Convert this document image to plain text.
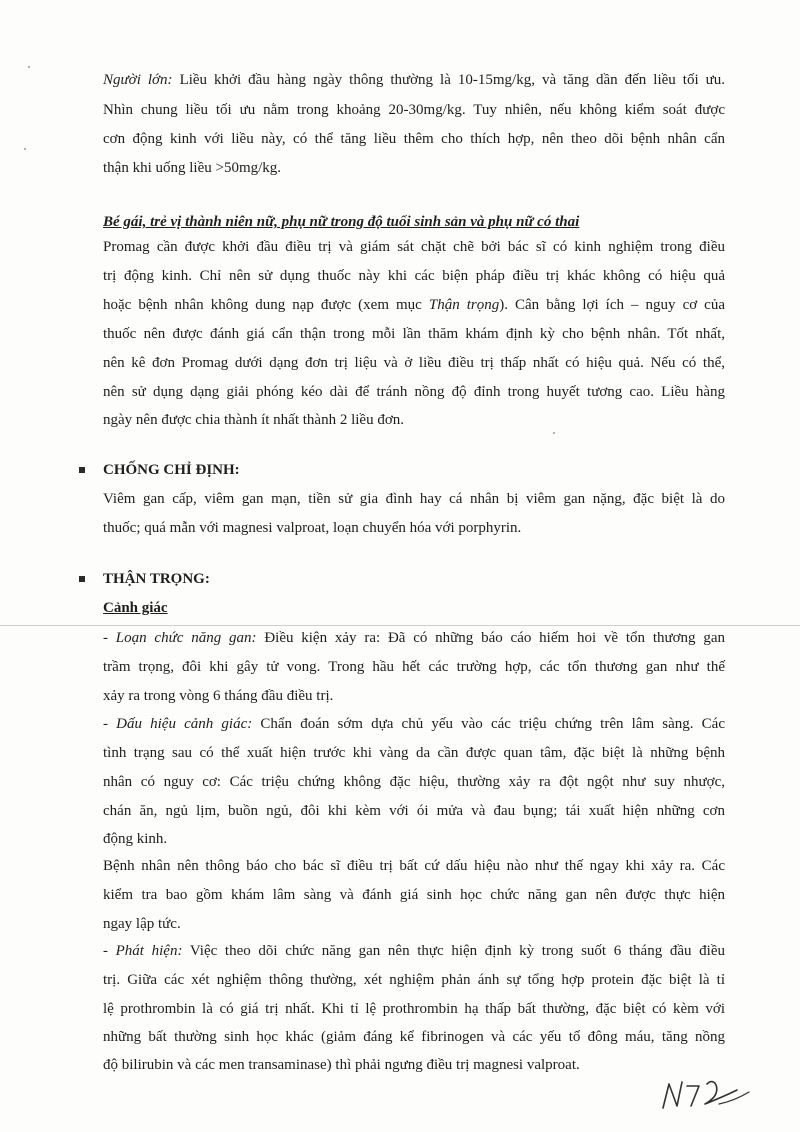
Người lớn: Liều khởi đầu hàng ngày thông thường là 10-15mg/kg, và tăng dần đến liều tối ưu.
Nhìn chung liều tối ưu nằm trong khoảng 20-30mg/kg. Tuy nhiên, nếu không kiểm soát được
cơn động kinh với liều này, có thể tăng liều thêm cho thích hợp, nên theo dõi bệnh nhân cẩn
thận khi uống liều >50mg/kg.
Bé gái, trẻ vị thành niên nữ, phụ nữ trong độ tuổi sinh sản và phụ nữ có thai
Promag cần được khởi đầu điều trị và giám sát chặt chẽ bởi bác sĩ có kinh nghiệm trong điều
trị động kinh. Chỉ nên sử dụng thuốc này khi các biện pháp điều trị khác không có hiệu quả
hoặc bệnh nhân không dung nạp được (xem mục Thận trọng). Cân bằng lợi ích – nguy cơ của
thuốc nên được đánh giá cẩn thận trong mỗi lần thăm khám định kỳ cho bệnh nhân. Tốt nhất,
nên kê đơn Promag dưới dạng đơn trị liệu và ở liều điều trị thấp nhất có hiệu quả. Nếu có thể,
nên sử dụng dạng giải phóng kéo dài để tránh nồng độ đỉnh trong huyết tương cao. Liều hàng
ngày nên được chia thành ít nhất thành 2 liều đơn.
CHỐNG CHỈ ĐỊNH:
Viêm gan cấp, viêm gan mạn, tiền sử gia đình hay cá nhân bị viêm gan nặng, đặc biệt là do
thuốc; quá mẫn với magnesi valproat, loạn chuyển hóa với porphyrin.
THẬN TRỌNG:
Cảnh giác
- Loạn chức năng gan: Điều kiện xảy ra: Đã có những báo cáo hiếm hoi về tổn thương gan
trầm trọng, đôi khi gây tử vong. Trong hầu hết các trường hợp, các tổn thương gan như thế
xảy ra trong vòng 6 tháng đầu điều trị.
- Dấu hiệu cảnh giác: Chẩn đoán sớm dựa chủ yếu vào các triệu chứng trên lâm sàng. Các
tình trạng sau có thể xuất hiện trước khi vàng da cần được quan tâm, đặc biệt là những bệnh
nhân có nguy cơ: Các triệu chứng không đặc hiệu, thường xảy ra đột ngột như suy nhược,
chán ăn, ngủ lịm, buồn ngủ, đôi khi kèm với ói mửa và đau bụng; tái xuất hiện những cơn
động kinh.
Bệnh nhân nên thông báo cho bác sĩ điều trị bất cứ dấu hiệu nào như thế ngay khi xảy ra. Các
kiểm tra bao gồm khám lâm sàng và đánh giá sinh học chức năng gan nên được thực hiện
ngay lập tức.
- Phát hiện: Việc theo dõi chức năng gan nên thực hiện định kỳ trong suốt 6 tháng đầu điều
trị. Giữa các xét nghiệm thông thường, xét nghiệm phản ánh sự tổng hợp protein đặc biệt là tỉ
lệ prothrombin là có giá trị nhất. Khi tỉ lệ prothrombin hạ thấp bất thường, đặc biệt có kèm với
những bất thường sinh học khác (giảm đáng kể fibrinogen và các yếu tố đông máu, tăng nồng
độ bilirubin và các men transaminase) thì phải ngưng điều trị magnesi valproat.
